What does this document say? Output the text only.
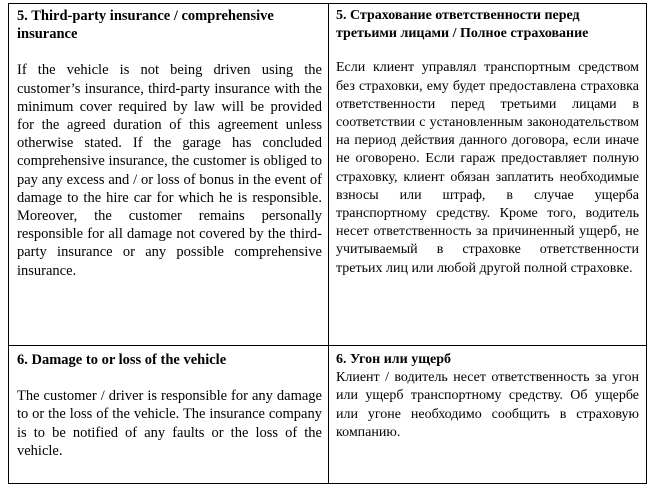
5. Third-party insurance / comprehensive insurance

If the vehicle is not being driven using the customer’s insurance, third-party insurance with the minimum cover required by law will be provided for the agreed duration of this agreement unless otherwise stated. If the garage has concluded comprehensive insurance, the customer is obliged to pay any excess and / or loss of bonus in the event of damage to the hire car for which he is responsible. Moreover, the customer remains personally responsible for all damage not covered by the third-party insurance or any possible comprehensive insurance.

5. Страхование ответственности перед третьими лицами / Полное страхование

Если клиент управлял транспортным средством без страховки, ему будет предоставлена страховка ответственности перед третьими лицами в соответствии с установленным законодательством на период действия данного договора, если иначе не оговорено. Если гараж предоставляет полную страховку, клиент обязан заплатить необходимые взносы или штраф, в случае ущерба транспортному средству. Кроме того, водитель несет ответственность за причиненный ущерб, не учитываемый в страховке ответственности третьих лиц или любой другой полной страховке.

6. Damage to or loss of the vehicle

The customer / driver is responsible for any damage to or the loss of the vehicle. The insurance company is to be notified of any faults or the loss of the vehicle.

6. Угон или ущерб

Клиент / водитель несет ответственность за угон или ущерб транспортному средству. Об ущербе или угоне необходимо сообщить в страховую компанию.
